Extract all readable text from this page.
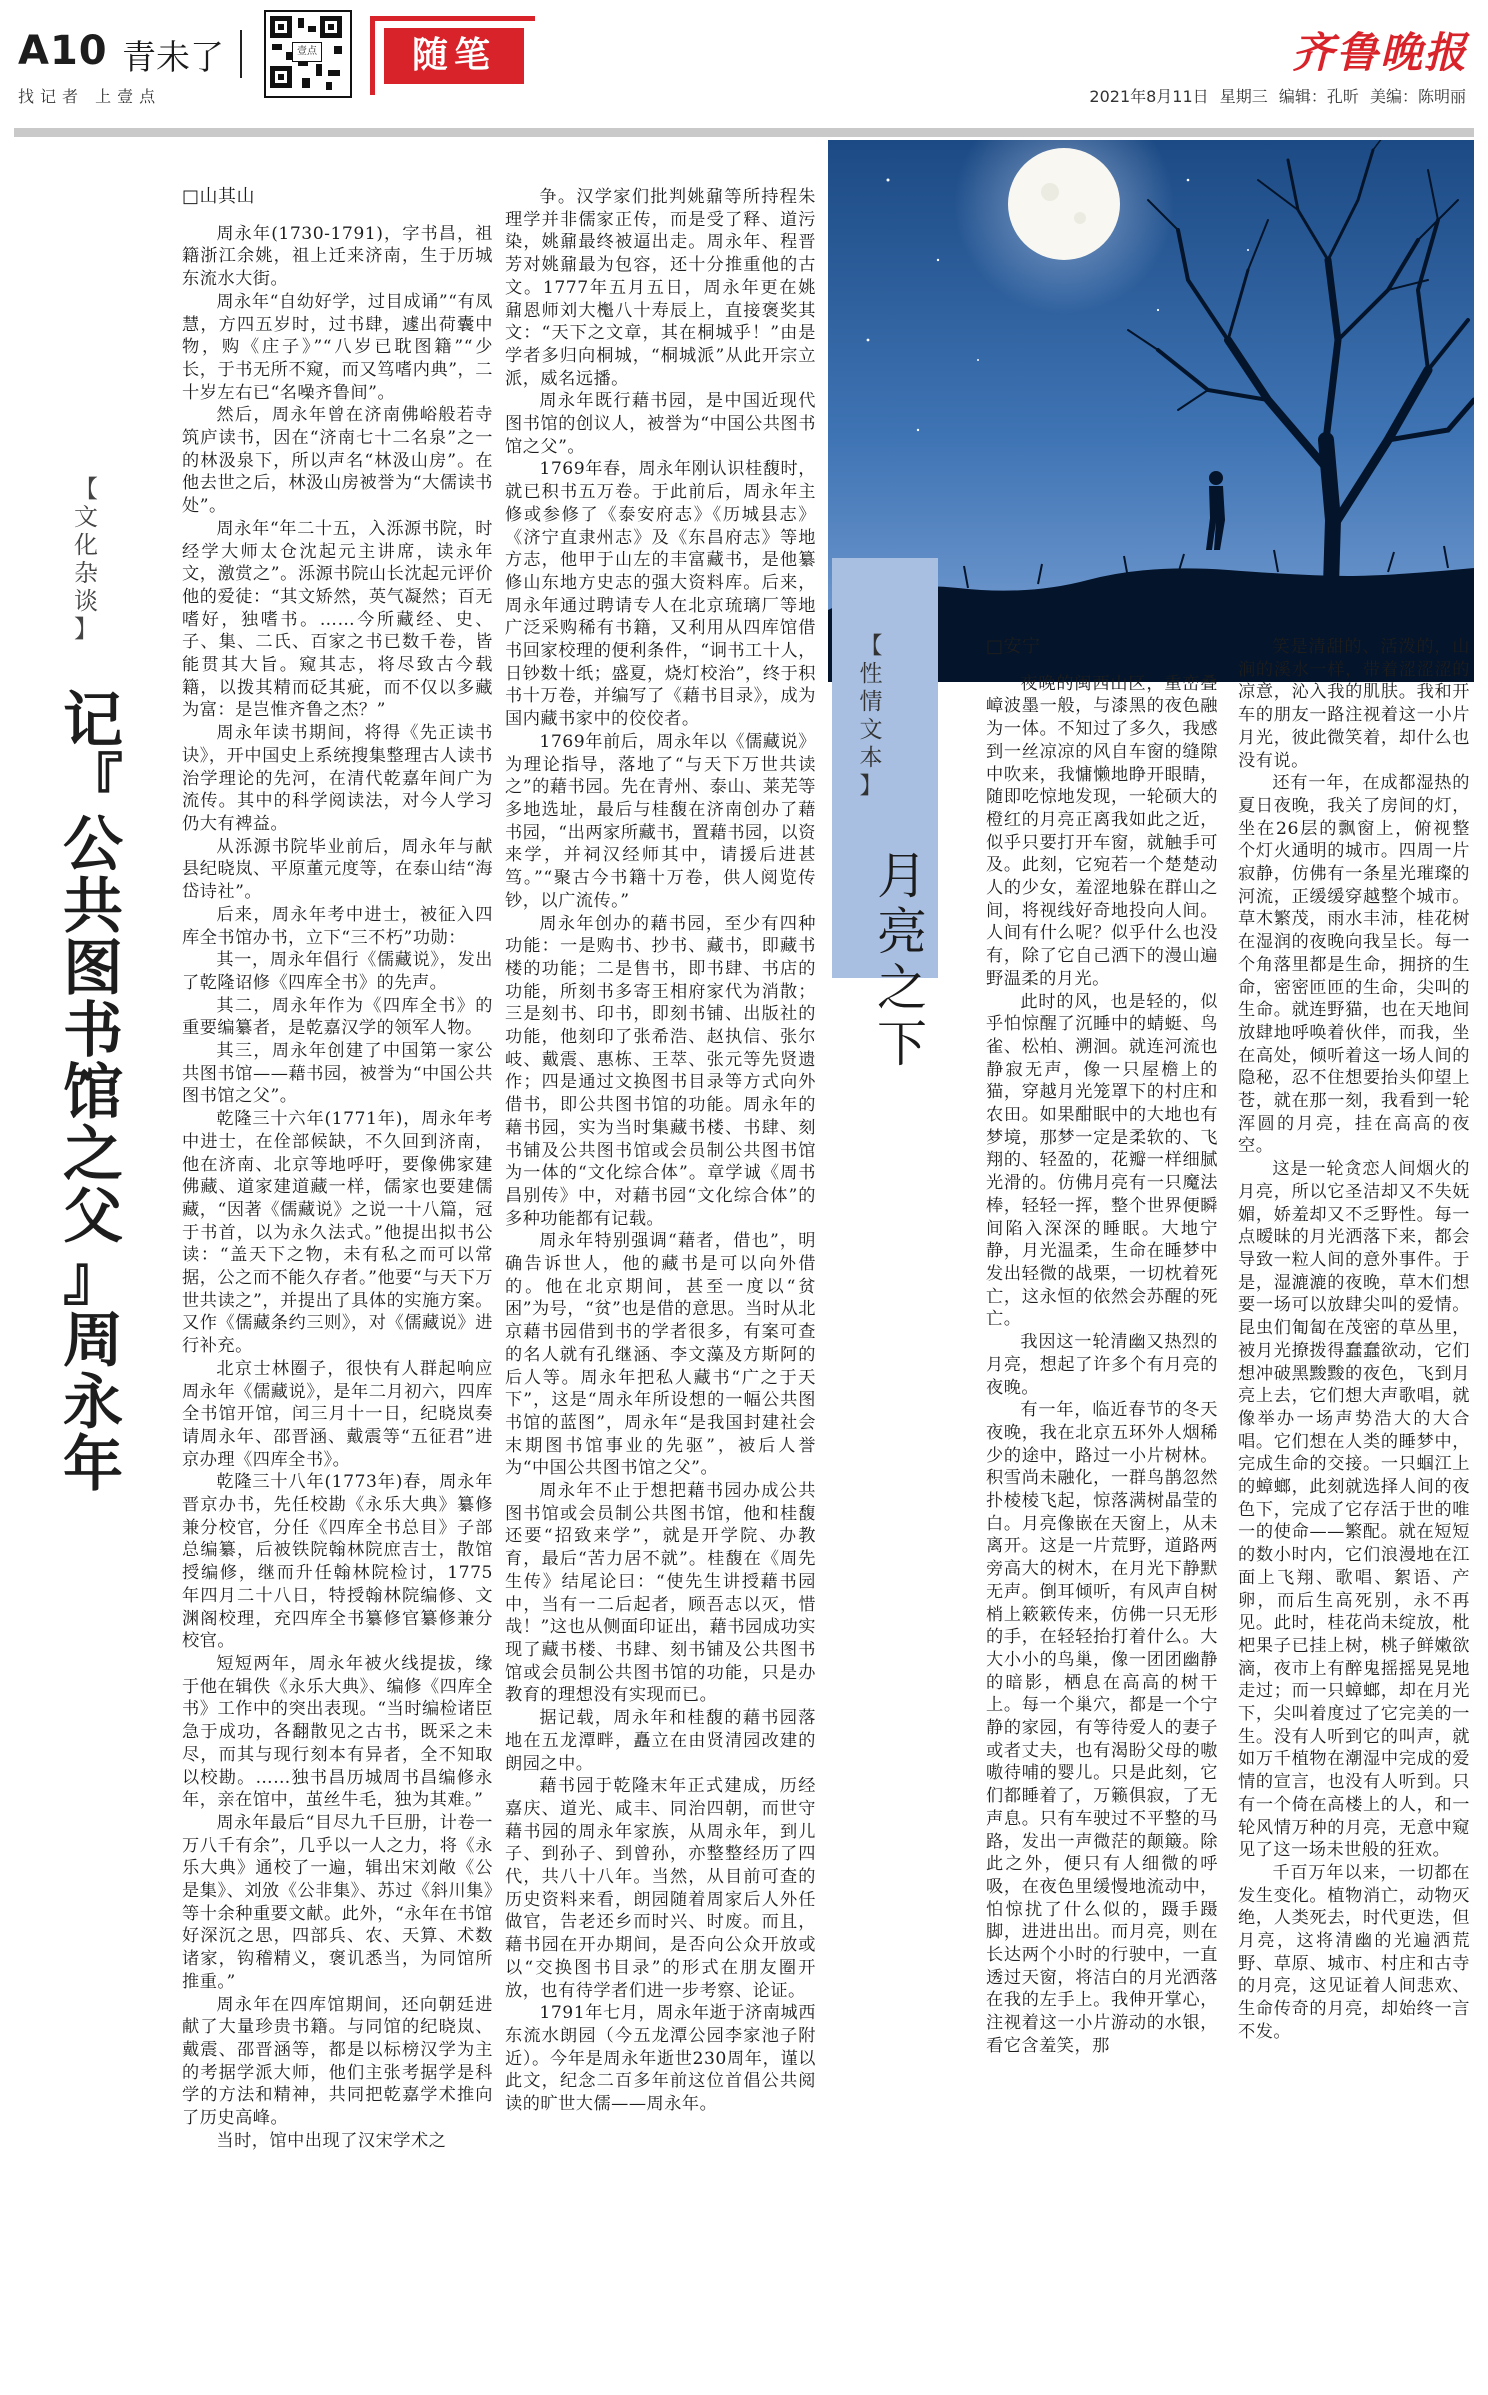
A10 青未了
找记者 上壹点
壹点	随笔	齐鲁晚报
2021年8月11日 星期三 编辑：孔昕 美编：陈明丽
【
文
化
杂
谈
】
记
『
公
共
图
书
馆
之
父
』
周
永
年

□山其山

周永年(1730-1791)，字书昌，祖籍浙江余姚，祖上迁来济南，生于历城东流水大街。

周永年“自幼好学，过目成诵”“有凤慧，方四五岁时，过书肆，遽出荷囊中物，购《庄子》”“八岁已耽图籍”“少长，于书无所不窥，而又笃嗜内典”，二十岁左右已“名噪齐鲁间”。

然后，周永年曾在济南佛峪般若寺筑庐读书，因在“济南七十二名泉”之一的林汲泉下，所以声名“林汲山房”。在他去世之后，林汲山房被誉为“大儒读书处”。

周永年“年二十五，入泺源书院，时经学大师太仓沈起元主讲席，读永年文，激赏之”。泺源书院山长沈起元评价他的爱徒：“其文矫然，英气凝然；百无嗜好，独嗜书。……今所藏经、史、子、集、二氏、百家之书已数千卷，皆能贯其大旨。窥其志，将尽致古今载籍，以拨其精而砭其疵，而不仅以多藏为富：是岂惟齐鲁之杰？”

周永年读书期间，将得《先正读书诀》，开中国史上系统搜集整理古人读书治学理论的先河，在清代乾嘉年间广为流传。其中的科学阅读法，对今人学习仍大有裨益。

从泺源书院毕业前后，周永年与献县纪晓岚、平原董元度等，在泰山结“海岱诗社”。

后来，周永年考中进士，被征入四库全书馆办书，立下“三不朽”功勋：

其一，周永年倡行《儒藏说》，发出了乾隆诏修《四库全书》的先声。

其二，周永年作为《四库全书》的重要编纂者，是乾嘉汉学的领军人物。

其三，周永年创建了中国第一家公共图书馆——藉书园，被誉为“中国公共图书馆之父”。

乾隆三十六年(1771年)，周永年考中进士，在佺部候缺，不久回到济南，他在济南、北京等地呼吁，要像佛家建佛藏、道家建道藏一样，儒家也要建儒藏，“因著《儒藏说》之说一十八篇，冠于书首，以为永久法式。”他提出拟书公读：“盖天下之物，未有私之而可以常据，公之而不能久存者。”他要“与天下万世共读之”，并提出了具体的实施方案。又作《儒藏条约三则》，对《儒藏说》进行补充。

北京士林圈子，很快有人群起响应周永年《儒藏说》，是年二月初六，四库全书馆开馆，闰三月十一日，纪晓岚奏请周永年、邵晋涵、戴震等“五征君”进京办理《四库全书》。

乾隆三十八年(1773年)春，周永年晋京办书，先任校勘《永乐大典》纂修兼分校官，分任《四库全书总目》子部总编纂，后被铁院翰林院庶吉士，散馆授编修，继而升任翰林院检讨，1775年四月二十八日，特授翰林院编修、文渊阁校理，充四库全书纂修官纂修兼分校官。

短短两年，周永年被火线提拔，缘于他在辑佚《永乐大典》、编修《四库全书》工作中的突出表现。“当时编检诸臣急于成功，各翻散见之古书，既采之未尽，而其与现行刻本有异者，全不知取以校勘。……独书昌历城周书昌编修永年，亲在馆中，茧丝牛毛，独为其难。”

周永年最后“目尽九千巨册，计卷一万八千有余”，几乎以一人之力，将《永乐大典》通校了一遍，辑出宋刘敞《公是集》、刘攽《公非集》、苏过《斜川集》等十余种重要文献。此外，“永年在书馆好深沉之思，四部兵、农、天算、术数诸家，钩稽精义，褒讥悉当，为同馆所推重。”

周永年在四库馆期间，还向朝廷进献了大量珍贵书籍。与同馆的纪晓岚、戴震、邵晋涵等，都是以标榜汉学为主的考据学派大师，他们主张考据学是科学的方法和精神，共同把乾嘉学术推向了历史高峰。

当时，馆中出现了汉宋学术之

争。汉学家们批判姚鼐等所持程朱理学并非儒家正传，而是受了释、道污染，姚鼐最终被逼出走。周永年、程晋芳对姚鼐最为包容，还十分推重他的古文。1777年五月五日，周永年更在姚鼐恩师刘大櫆八十寿辰上，直接褒奖其文：“天下之文章，其在桐城乎！”由是学者多归向桐城，“桐城派”从此开宗立派，威名远播。

周永年既行藉书园，是中国近现代图书馆的创议人，被誉为“中国公共图书馆之父”。

1769年春，周永年刚认识桂馥时，就已积书五万卷。于此前后，周永年主修或参修了《泰安府志》《历城县志》《济宁直隶州志》及《东昌府志》等地方志，他甲于山左的丰富藏书，是他纂修山东地方史志的强大资料库。后来，周永年通过聘请专人在北京琉璃厂等地广泛采购稀有书籍，又利用从四库馆借书回家校理的便利条件，“诇书工十人，日钞数十纸；盛夏，烧灯校治”，终于积书十万卷，并编写了《藉书目录》，成为国内藏书家中的佼佼者。

1769年前后，周永年以《儒藏说》为理论指导，落地了“与天下万世共读之”的藉书园。先在青州、泰山、莱芜等多地选址，最后与桂馥在济南创办了藉书园，“出两家所藏书，置藉书园，以资来学，并祠汉经师其中，请援后进甚笃。”“聚古今书籍十万卷，供人阅览传钞，以广流传。”

周永年创办的藉书园，至少有四种功能：一是购书、抄书、藏书，即藏书楼的功能；二是售书，即书肆、书店的功能，所刻书多寄王相府家代为消散；三是刻书、印书，即刻书铺、出版社的功能，他刻印了张希浩、赵执信、张尔岐、戴震、惠栋、王萃、张元等先贤遗作；四是通过文换图书目录等方式向外借书，即公共图书馆的功能。周永年的藉书园，实为当时集藏书楼、书肆、刻书铺及公共图书馆或会员制公共图书馆为一体的“文化综合体”。章学诚《周书昌别传》中，对藉书园“文化综合体”的多种功能都有记载。

周永年特别强调“藉者，借也”，明确告诉世人，他的藏书是可以向外借的。他在北京期间，甚至一度以“贫困”为号，“贫”也是借的意思。当时从北京藉书园借到书的学者很多，有案可查的名人就有孔继涵、李文藻及方斯阿的后人等。周永年把私人藏书“广之于天下”，这是“周永年所设想的一幅公共图书馆的蓝图”，周永年“是我国封建社会末期图书馆事业的先驱”，被后人誉为“中国公共图书馆之父”。

周永年不止于想把藉书园办成公共图书馆或会员制公共图书馆，他和桂馥还要“招致来学”，就是开学院、办教育，最后“苦力居不就”。桂馥在《周先生传》结尾论曰：“使先生讲授藉书园中，当有一二后起者，顾吾志以灭，惜哉！”这也从侧面印证出，藉书园成功实现了藏书楼、书肆、刻书铺及公共图书馆或会员制公共图书馆的功能，只是办教育的理想没有实现而已。

据记载，周永年和桂馥的藉书园落地在五龙潭畔，矗立在由贤清园改建的朗园之中。

藉书园于乾隆末年正式建成，历经嘉庆、道光、咸丰、同治四朝，而世守藉书园的周永年家族，从周永年，到儿子、到孙子、到曾孙，亦整整经历了四代，共八十八年。当然，从目前可查的历史资料来看，朗园随着周家后人外任做官，告老还乡而时兴、时废。而且，藉书园在开办期间，是否向公众开放或以“交换图书目录”的形式在朋友圈开放，也有待学者们进一步考察、论证。

1791年七月，周永年逝于济南城西东流水朗园（今五龙潭公园李家池子附近）。今年是周永年逝世230周年，谨以此文，纪念二百多年前这位首倡公共阅读的旷世大儒——周永年。

【
性
情
文
本
】
月
亮
之
下

□安宁

夜晚的闽西山区，重峦叠嶂波墨一般，与漆黑的夜色融为一体。不知过了多久，我感到一丝凉凉的风自车窗的缝隙中吹来，我慵懒地睁开眼睛，随即吃惊地发现，一轮硕大的橙红的月亮正离我如此之近，似乎只要打开车窗，就触手可及。此刻，它宛若一个楚楚动人的少女，羞涩地躲在群山之间，将视线好奇地投向人间。人间有什么呢？似乎什么也没有，除了它自己洒下的漫山遍野温柔的月光。

此时的风，也是轻的，似乎怕惊醒了沉睡中的蜻蜓、鸟雀、松柏、溯洄。就连河流也静寂无声，像一只屋檐上的猫，穿越月光笼罩下的村庄和农田。如果酣眠中的大地也有梦境，那梦一定是柔软的、飞翔的、轻盈的，花瓣一样细腻光滑的。仿佛月亮有一只魔法棒，轻轻一挥，整个世界便瞬间陷入深深的睡眠。大地宁静，月光温柔，生命在睡梦中发出轻微的战栗，一切枕着死亡，这永恒的依然会苏醒的死亡。

我因这一轮清幽又热烈的月亮，想起了许多个有月亮的夜晚。

有一年，临近春节的冬天夜晚，我在北京五环外人烟稀少的途中，路过一小片树林。积雪尚未融化，一群鸟鹊忽然扑棱棱飞起，惊落满树晶莹的白。月亮像嵌在天窗上，从未离开。这是一片荒野，道路两旁高大的树木，在月光下静默无声。倒耳倾听，有风声自树梢上簌簌传来，仿佛一只无形的手，在轻轻抬打着什么。大大小小的鸟巢，像一团团幽静的暗影，栖息在高高的树干上。每一个巢穴，都是一个宁静的家园，有等待爱人的妻子或者丈夫，也有渴盼父母的嗷嗷待哺的婴儿。只是此刻，它们都睡着了，万籁俱寂，了无声息。只有车驶过不平整的马路，发出一声微茫的颠簸。除此之外，便只有人细微的呼吸，在夜色里缓慢地流动中，怕惊扰了什么似的，蹑手蹑脚，进进出出。而月亮，则在长达两个小时的行驶中，一直透过天窗，将洁白的月光洒落在我的左手上。我伸开掌心，注视着这一小片游动的水银，看它含羞笑，那

笑是清甜的、活泼的，山涧的溪水一样，带着涩涩涩的凉意，沁入我的肌肤。我和开车的朋友一路注视着这一小片月光，彼此微笑着，却什么也没有说。

还有一年，在成都湿热的夏日夜晚，我关了房间的灯，坐在26层的飘窗上，俯视整个灯火通明的城市。四周一片寂静，仿佛有一条星光璀璨的河流，正缓缓穿越整个城市。草木繁茂，雨水丰沛，桂花树在湿润的夜晚向我呈长。每一个角落里都是生命，拥挤的生命，密密匝匝的生命，尖叫的生命。就连野猫，也在天地间放肆地呼唤着伙伴，而我，坐在高处，倾听着这一场人间的隐秘，忍不住想要抬头仰望上苍，就在那一刻，我看到一轮浑圆的月亮，挂在高高的夜空。

这是一轮贪恋人间烟火的月亮，所以它圣洁却又不失妩媚，娇羞却又不乏野性。每一点暧昧的月光洒落下来，都会导致一粒人间的意外事件。于是，湿漉漉的夜晚，草木们想要一场可以放肆尖叫的爱情。昆虫们匍匐在茂密的草丛里，被月光撩拨得蠢蠢欲动，它们想冲破黑黢黢的夜色，飞到月亮上去，它们想大声歌唱，就像举办一场声势浩大的大合唱。它们想在人类的睡梦中，完成生命的交接。一只蝈江上的蟑螂，此刻就选择人间的夜色下，完成了它存活于世的唯一的使命——繁配。就在短短的数小时内，它们浪漫地在江面上飞翔、歌唱、絮语、产卵，而后生高死别，永不再见。此时，桂花尚未绽放，枇杷果子已挂上树，桃子鲜嫩欲滴，夜市上有醉鬼摇摇晃晃地走过；而一只蟑螂，却在月光下，尖叫着度过了它完美的一生。没有人听到它的叫声，就如万千植物在潮湿中完成的爱情的宣言，也没有人听到。只有一个倚在高楼上的人，和一轮风情万种的月亮，无意中窥见了这一场未世般的狂欢。

千百万年以来，一切都在发生变化。植物消亡，动物灭绝，人类死去，时代更迭，但月亮，这将清幽的光遍洒荒野、草原、城市、村庄和古寺的月亮，这见证着人间悲欢、生命传奇的月亮，却始终一言不发。
